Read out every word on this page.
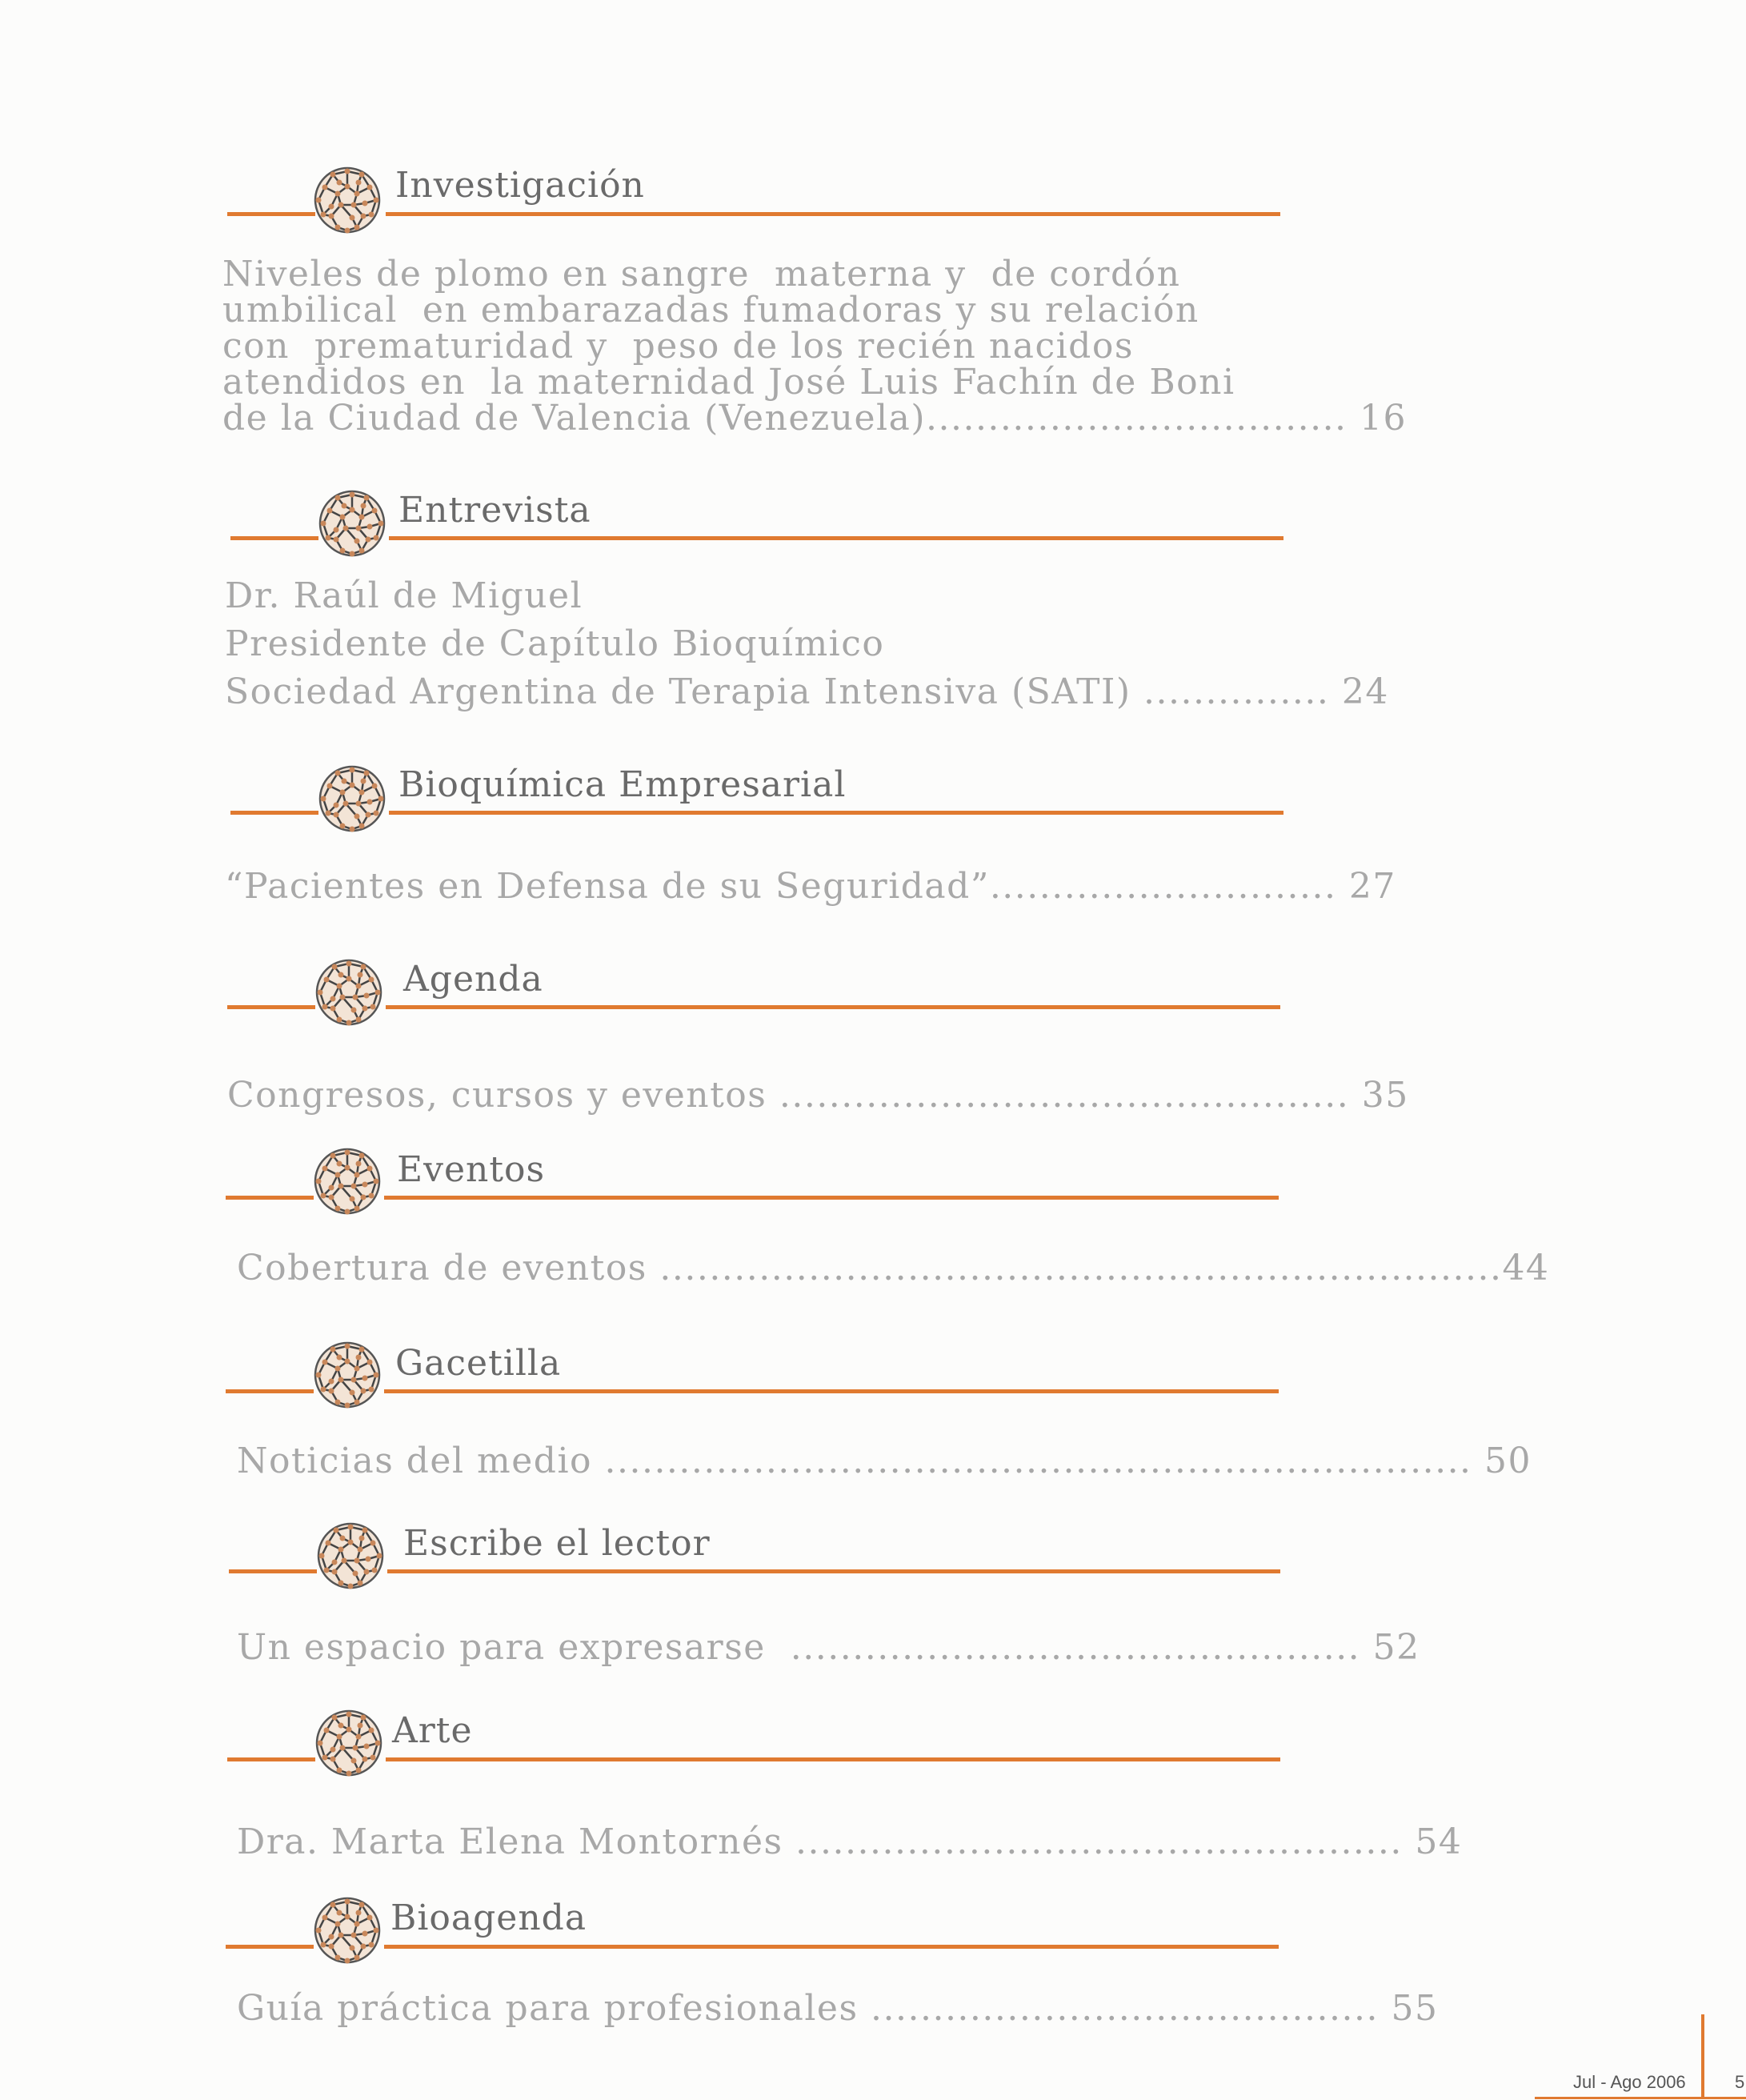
Investigación
Niveles de plomo en sangre  materna y  de cordón
umbilical  en embarazadas fumadoras y su relación
con  prematuridad y  peso de los recién nacidos
atendidos en  la maternidad José Luis Fachín de Boni
de la Ciudad de Valencia (Venezuela).................................. 16
Entrevista
Dr. Raúl de Miguel
Presidente de Capítulo Bioquímico
Sociedad Argentina de Terapia Intensiva (SATI) ............... 24
Bioquímica Empresarial
“Pacientes en Defensa de su Seguridad”............................ 27
Agenda
Congresos, cursos y eventos .............................................. 35
Eventos
Cobertura de eventos ....................................................................44
Gacetilla
Noticias del medio ...................................................................... 50
Escribe el lector
Un espacio para expresarse  .............................................. 52
Arte
Dra. Marta Elena Montornés ................................................. 54
Bioagenda
Guía práctica para profesionales ......................................... 55
Jul - Ago 2006	5
